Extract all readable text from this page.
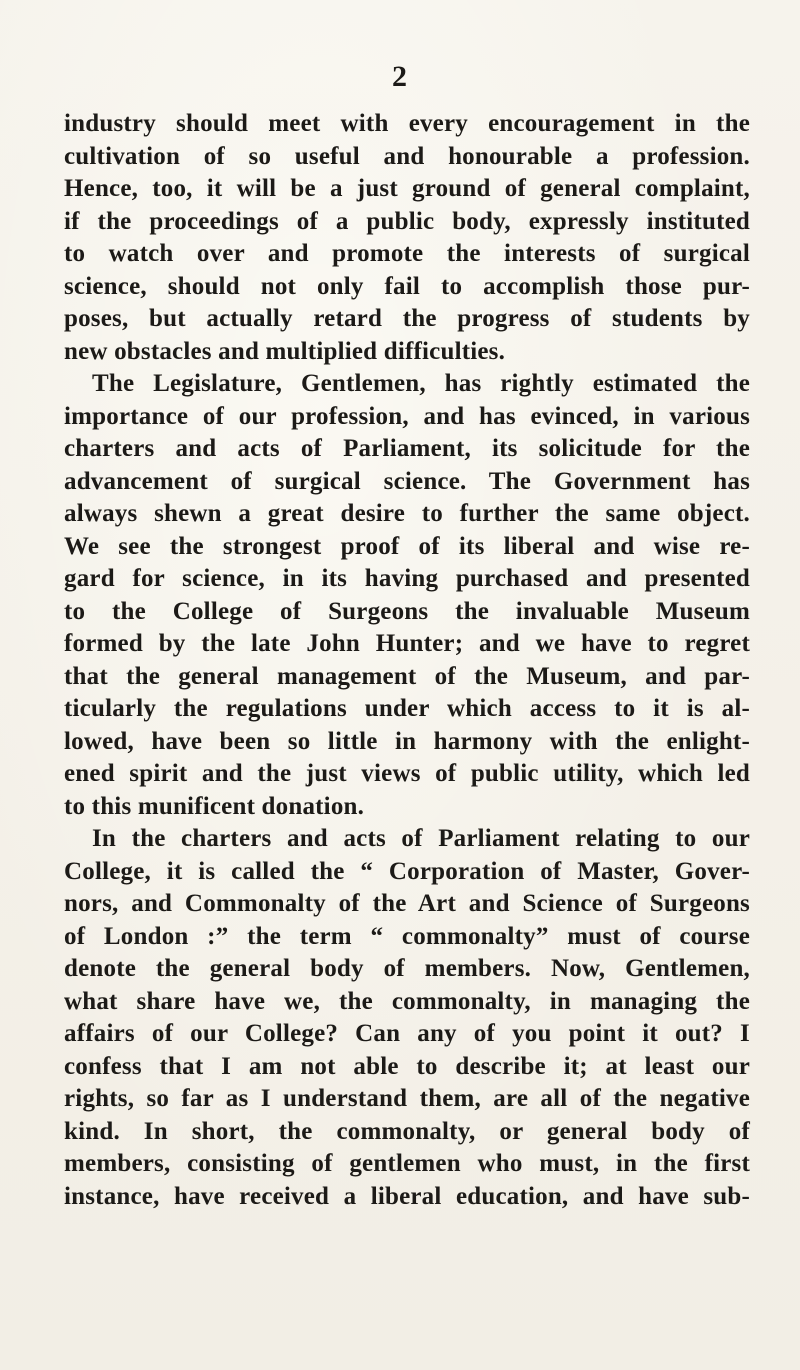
2
industry should meet with every encouragement in the
cultivation of so useful and honourable a profession.
Hence, too, it will be a just ground of general complaint,
if the proceedings of a public body, expressly instituted
to watch over and promote the interests of surgical
science, should not only fail to accomplish those pur-
poses, but actually retard the progress of students by
new obstacles and multiplied difficulties.
The Legislature, Gentlemen, has rightly estimated the
importance of our profession, and has evinced, in various
charters and acts of Parliament, its solicitude for the
advancement of surgical science. The Government has
always shewn a great desire to further the same object.
We see the strongest proof of its liberal and wise re-
gard for science, in its having purchased and presented
to the College of Surgeons the invaluable Museum
formed by the late John Hunter; and we have to regret
that the general management of the Museum, and par-
ticularly the regulations under which access to it is al-
lowed, have been so little in harmony with the enlight-
ened spirit and the just views of public utility, which led
to this munificent donation.
In the charters and acts of Parliament relating to our
College, it is called the “ Corporation of Master, Gover-
nors, and Commonalty of the Art and Science of Surgeons
of London :” the term “ commonalty” must of course
denote the general body of members. Now, Gentlemen,
what share have we, the commonalty, in managing the
affairs of our College? Can any of you point it out? I
confess that I am not able to describe it; at least our
rights, so far as I understand them, are all of the negative
kind. In short, the commonalty, or general body of
members, consisting of gentlemen who must, in the first
instance, have received a liberal education, and have sub-
